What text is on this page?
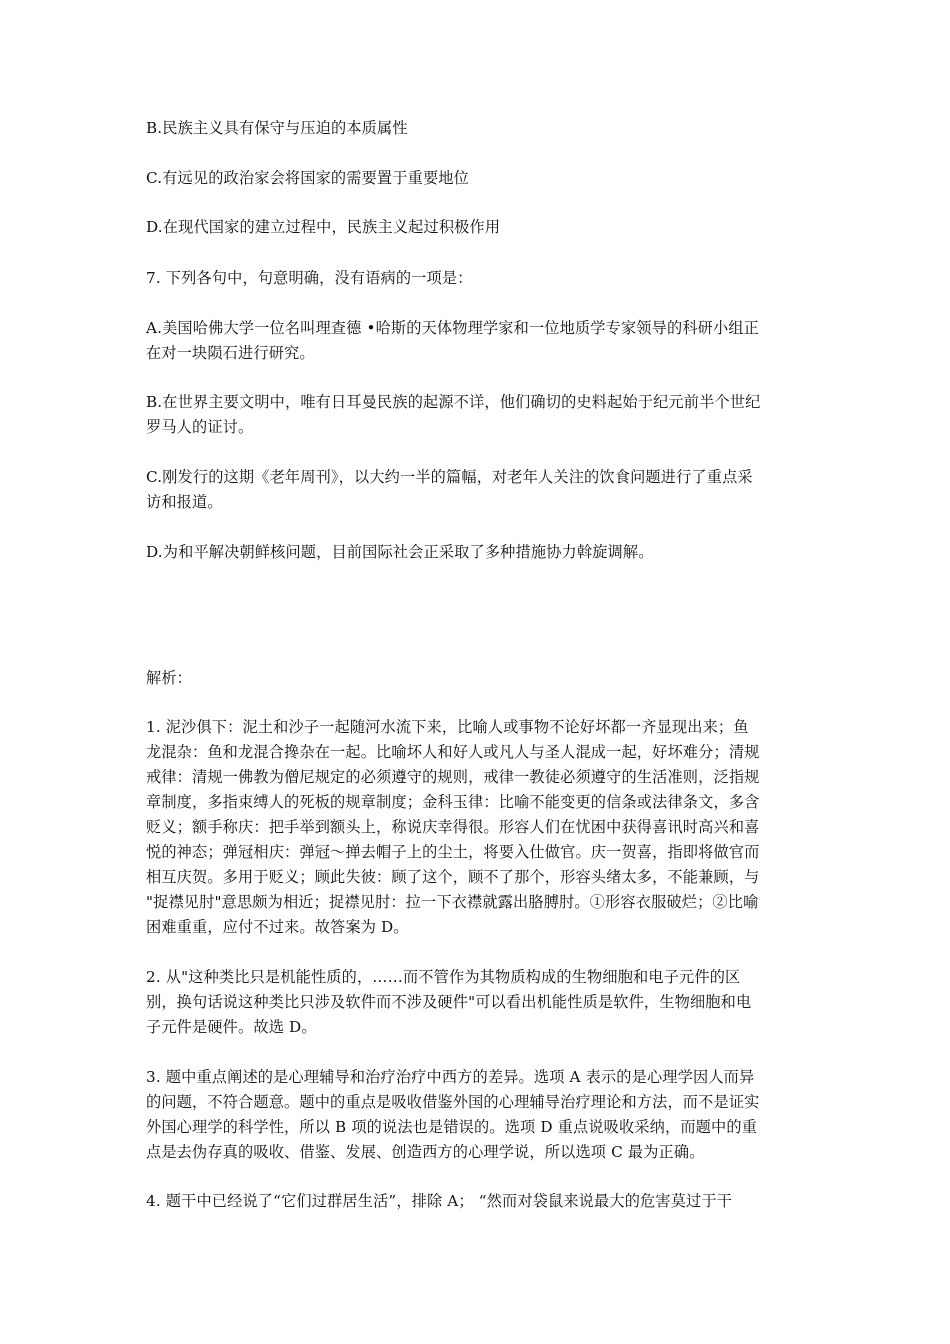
B.民族主义具有保守与压迫的本质属性

C.有远见的政治家会将国家的需要置于重要地位

D.在现代国家的建立过程中，民族主义起过积极作用

7. 下列各句中，句意明确，没有语病的一项是：

A.美国哈佛大学一位名叫理查德 •哈斯的天体物理学家和一位地质学专家领导的科研小组正
在对一块陨石进行研究。

B.在世界主要文明中，唯有日耳曼民族的起源不详，他们确切的史料起始于纪元前半个世纪
罗马人的证讨。

C.刚发行的这期《老年周刊》，以大约一半的篇幅，对老年人关注的饮食问题进行了重点采
访和报道。

D.为和平解决朝鲜核问题，目前国际社会正采取了多种措施协力斡旋调解。

解析：

1. 泥沙俱下：泥土和沙子一起随河水流下来，比喻人或事物不论好坏都一齐显现出来；鱼
龙混杂：鱼和龙混合搀杂在一起。比喻坏人和好人或凡人与圣人混成一起，好坏难分；清规
戒律：清规一佛教为僧尼规定的必须遵守的规则，戒律一教徒必须遵守的生活准则，泛指规
章制度，多指束缚人的死板的规章制度；金科玉律：比喻不能变更的信条或法律条文，多含
贬义；额手称庆：把手举到额头上，称说庆幸得很。形容人们在忧困中获得喜讯时高兴和喜
悦的神态；弹冠相庆：弹冠～掸去帽子上的尘土，将要入仕做官。庆一贺喜，指即将做官而
相互庆贺。多用于贬义；顾此失彼：顾了这个，顾不了那个，形容头绪太多，不能兼顾，与
"捉襟见肘"意思颇为相近；捉襟见肘：拉一下衣襟就露出胳膊肘。①形容衣服破烂；②比喻
困难重重，应付不过来。故答案为 D。

2. 从"这种类比只是机能性质的，……而不管作为其物质构成的生物细胞和电子元件的区
别，换句话说这种类比只涉及软件而不涉及硬件"可以看出机能性质是软件，生物细胞和电
子元件是硬件。故选 D。

3. 题中重点阐述的是心理辅导和治疗治疗中西方的差异。选项 A 表示的是心理学因人而异
的问题，不符合题意。题中的重点是吸收借鉴外国的心理辅导治疗理论和方法，而不是证实
外国心理学的科学性，所以 B 项的说法也是错误的。选项 D 重点说吸收采纳，而题中的重
点是去伪存真的吸收、借鉴、发展、创造西方的心理学说，所以选项 C 最为正确。

4. 题干中已经说了“它们过群居生活”，排除 A； “然而对袋鼠来说最大的危害莫过于干
